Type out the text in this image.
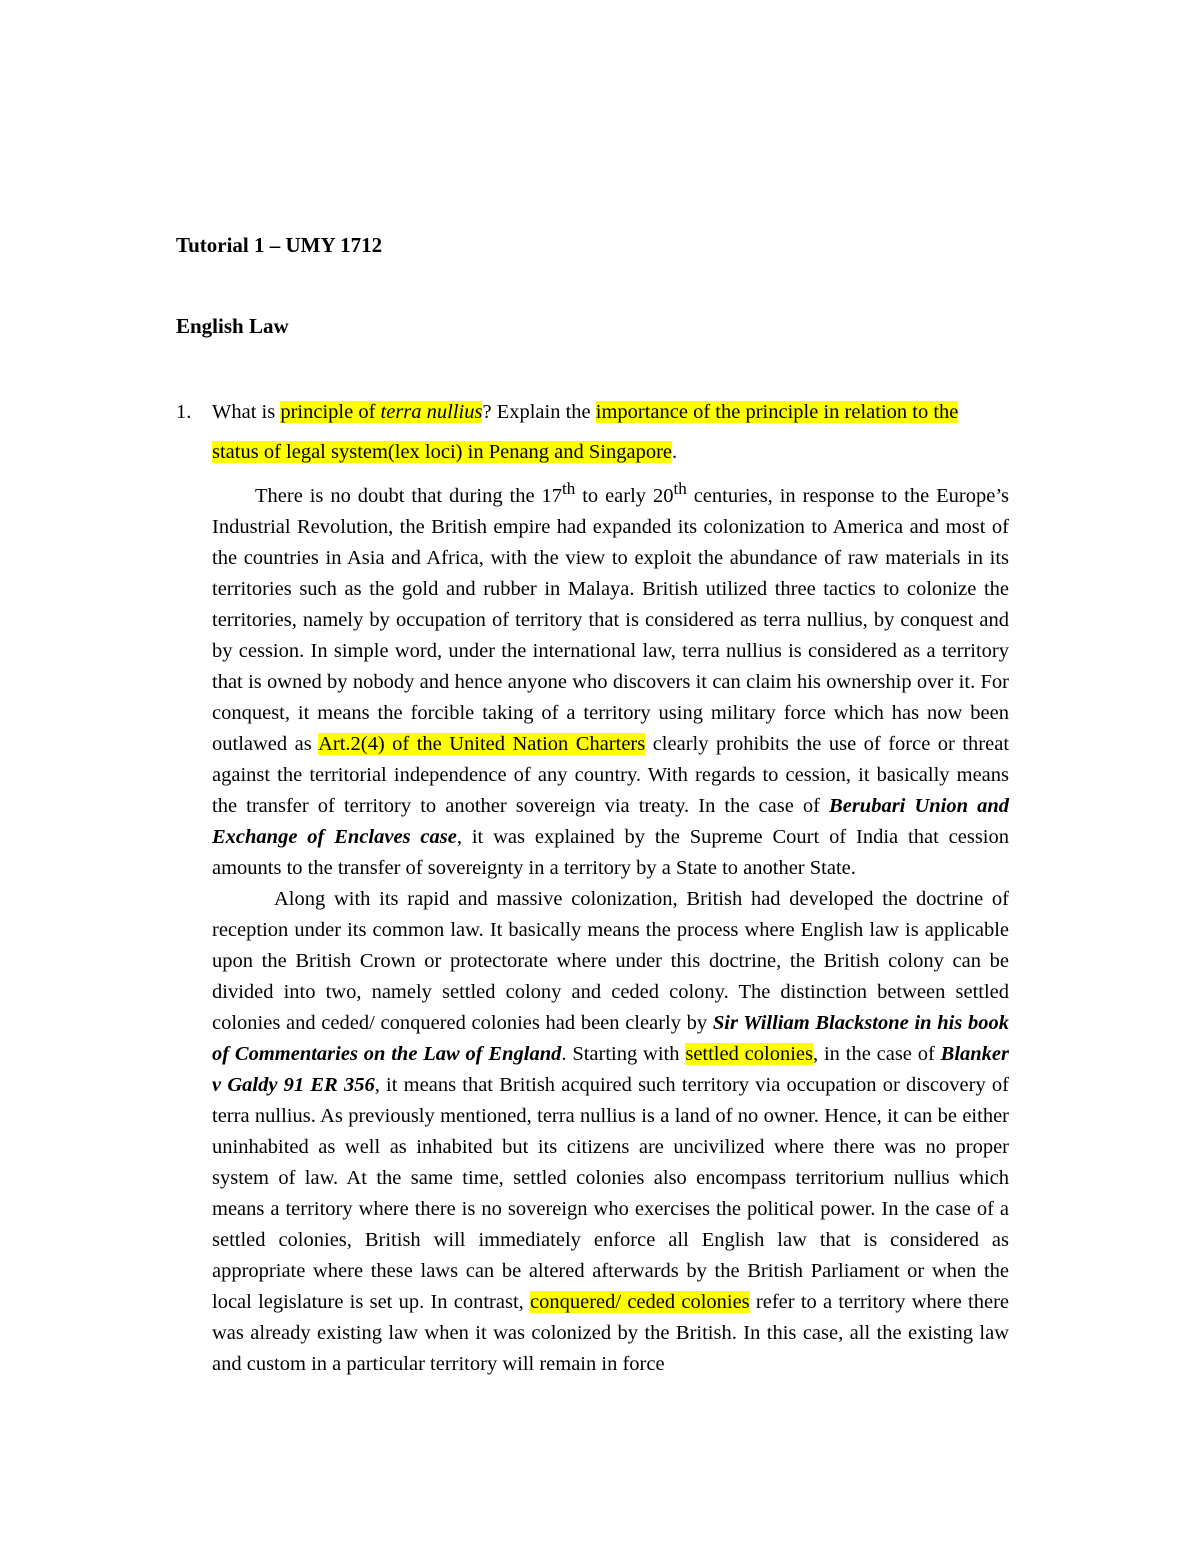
Tutorial 1 – UMY 1712
English Law
1. What is principle of terra nullius? Explain the importance of the principle in relation to the status of legal system(lex loci) in Penang and Singapore.

There is no doubt that during the 17th to early 20th centuries, in response to the Europe’s Industrial Revolution, the British empire had expanded its colonization to America and most of the countries in Asia and Africa, with the view to exploit the abundance of raw materials in its territories such as the gold and rubber in Malaya. British utilized three tactics to colonize the territories, namely by occupation of territory that is considered as terra nullius, by conquest and by cession. In simple word, under the international law, terra nullius is considered as a territory that is owned by nobody and hence anyone who discovers it can claim his ownership over it. For conquest, it means the forcible taking of a territory using military force which has now been outlawed as Art.2(4) of the United Nation Charters clearly prohibits the use of force or threat against the territorial independence of any country. With regards to cession, it basically means the transfer of territory to another sovereign via treaty. In the case of Berubari Union and Exchange of Enclaves case, it was explained by the Supreme Court of India that cession amounts to the transfer of sovereignty in a territory by a State to another State.

Along with its rapid and massive colonization, British had developed the doctrine of reception under its common law. It basically means the process where English law is applicable upon the British Crown or protectorate where under this doctrine, the British colony can be divided into two, namely settled colony and ceded colony. The distinction between settled colonies and ceded/ conquered colonies had been clearly by Sir William Blackstone in his book of Commentaries on the Law of England. Starting with settled colonies, in the case of Blanker v Galdy 91 ER 356, it means that British acquired such territory via occupation or discovery of terra nullius. As previously mentioned, terra nullius is a land of no owner. Hence, it can be either uninhabited as well as inhabited but its citizens are uncivilized where there was no proper system of law. At the same time, settled colonies also encompass territorium nullius which means a territory where there is no sovereign who exercises the political power. In the case of a settled colonies, British will immediately enforce all English law that is considered as appropriate where these laws can be altered afterwards by the British Parliament or when the local legislature is set up. In contrast, conquered/ ceded colonies refer to a territory where there was already existing law when it was colonized by the British. In this case, all the existing law and custom in a particular territory will remain in force
